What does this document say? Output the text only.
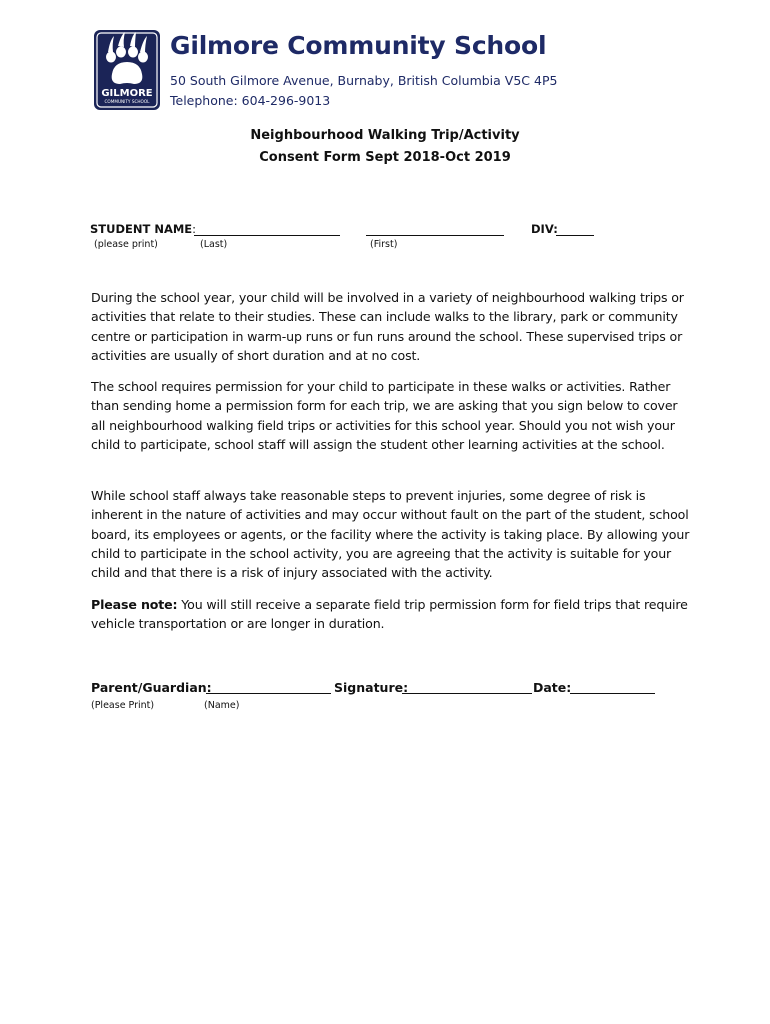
GILMORE
COMMUNITY SCHOOL
Gilmore Community School
50 South Gilmore Avenue, Burnaby, British Columbia V5C 4P5
Telephone: 604-296-9013
Neighbourhood Walking Trip/Activity
Consent Form Sept 2018-Oct 2019
STUDENT NAME:	DIV:
(please print)	(Last)	(First)
During the school year, your child will be involved in a variety of neighbourhood walking trips or activities that relate to their studies. These can include walks to the library, park or community centre or participation in warm-up runs or fun runs around the school. These supervised trips or activities are usually of short duration and at no cost.
The school requires permission for your child to participate in these walks or activities. Rather than sending home a permission form for each trip, we are asking that you sign below to cover all neighbourhood walking field trips or activities for this school year. Should you not wish your child to participate, school staff will assign the student other learning activities at the school.
While school staff always take reasonable steps to prevent injuries, some degree of risk is inherent in the nature of activities and may occur without fault on the part of the student, school board, its employees or agents, or the facility where the activity is taking place. By allowing your child to participate in the school activity, you are agreeing that the activity is suitable for your child and that there is a risk of injury associated with the activity.
Please note: You will still receive a separate field trip permission form for field trips that require vehicle transportation or are longer in duration.
Parent/Guardian:	Signature:	Date:
(Please Print)	(Name)
